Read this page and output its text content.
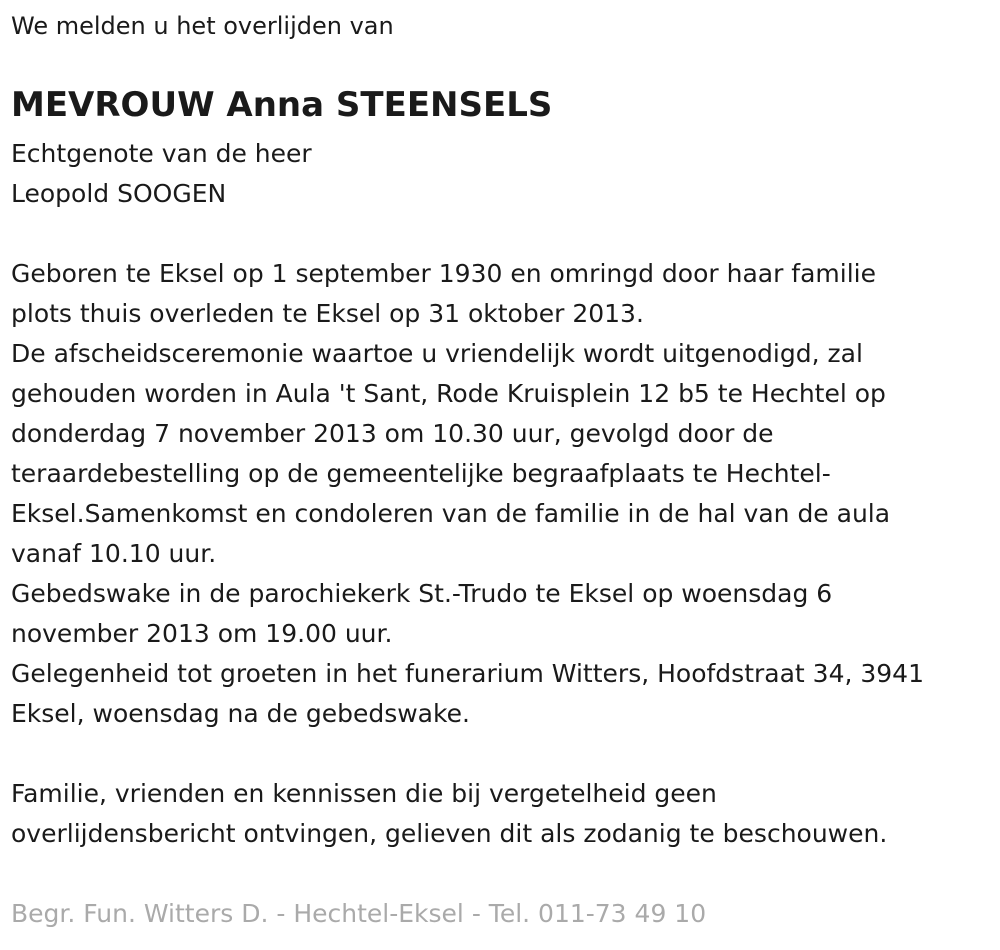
We melden u het overlijden van
MEVROUW Anna STEENSELS
Echtgenote van de heer
Leopold SOOGEN
Geboren te Eksel op 1 september 1930 en omringd door haar familie
plots thuis overleden te Eksel op 31 oktober 2013.
De afscheidsceremonie waartoe u vriendelijk wordt uitgenodigd, zal
gehouden worden in Aula 't Sant, Rode Kruisplein 12 b5 te Hechtel op
donderdag 7 november 2013 om 10.30 uur, gevolgd door de
teraardebestelling op de gemeentelijke begraafplaats te Hechtel-
Eksel.Samenkomst en condoleren van de familie in de hal van de aula
vanaf 10.10 uur.
Gebedswake in de parochiekerk St.-Trudo te Eksel op woensdag 6
november 2013 om 19.00 uur.
Gelegenheid tot groeten in het funerarium Witters, Hoofdstraat 34, 3941
Eksel, woensdag na de gebedswake.
Familie, vrienden en kennissen die bij vergetelheid geen
overlijdensbericht ontvingen, gelieven dit als zodanig te beschouwen.
Begr. Fun. Witters D. - Hechtel-Eksel - Tel. 011-73 49 10
